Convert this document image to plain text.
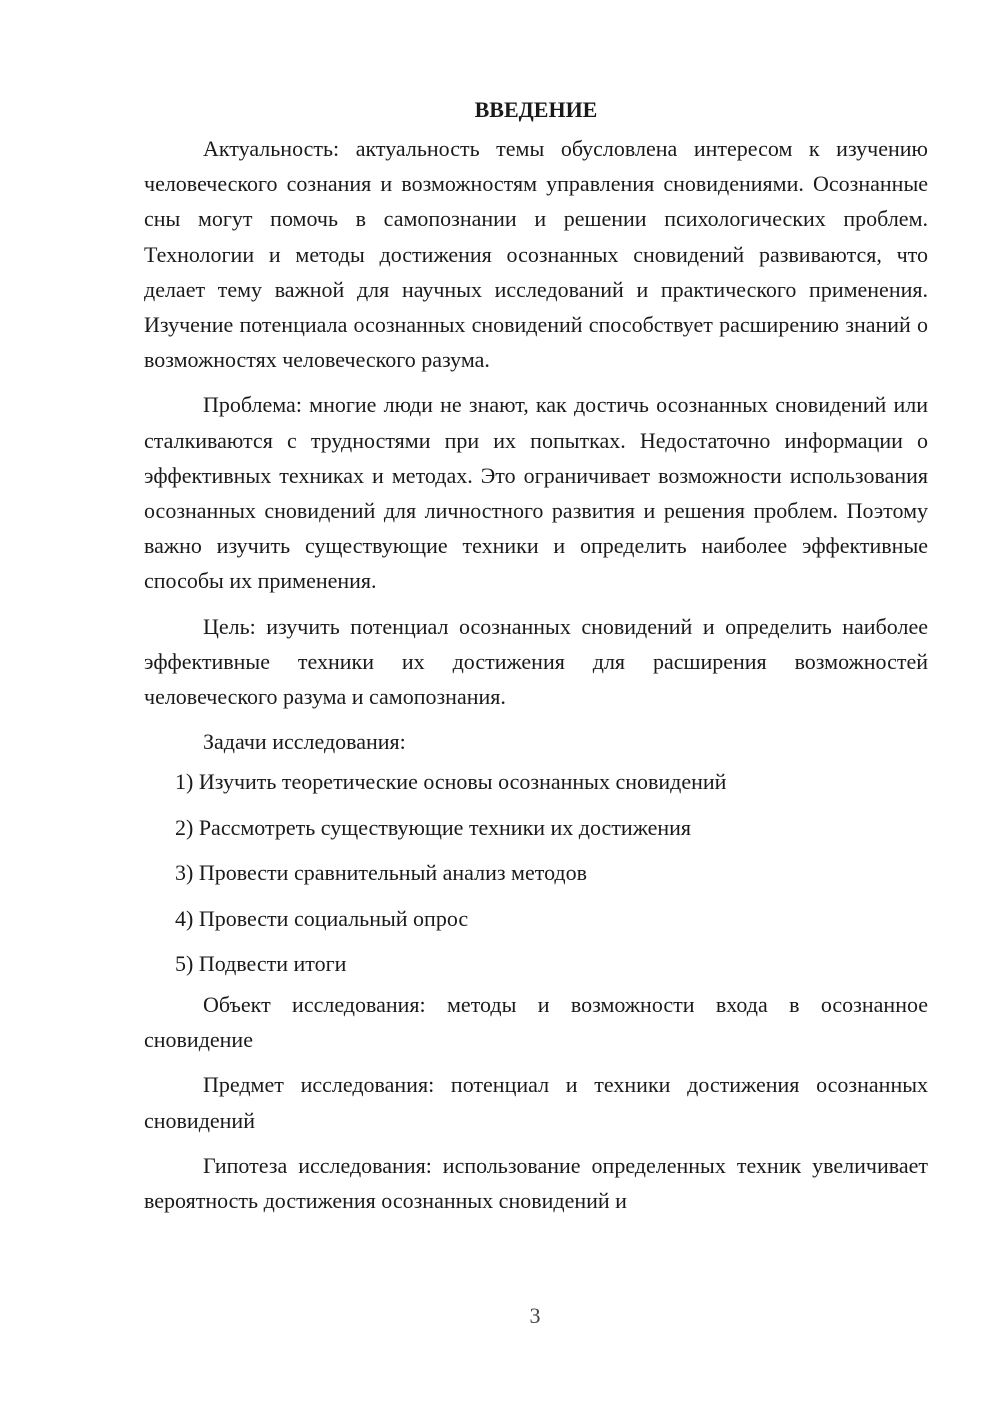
ВВЕДЕНИЕ

Актуальность: актуальность темы обусловлена интересом к изучению человеческого сознания и возможностям управления сновидениями. Осознанные сны могут помочь в самопознании и решении психологических проблем. Технологии и методы достижения осознанных сновидений развиваются, что делает тему важной для научных исследований и практического применения. Изучение потенциала осознанных сновидений способствует расширению знаний о возможностях человеческого разума.

Проблема: многие люди не знают, как достичь осознанных сновидений или сталкиваются с трудностями при их попытках. Недостаточно информации о эффективных техниках и методах. Это ограничивает возможности использования осознанных сновидений для личностного развития и решения проблем. Поэтому важно изучить существующие техники и определить наиболее эффективные способы их применения.

Цель: изучить потенциал осознанных сновидений и определить наиболее эффективные техники их достижения для расширения возможностей человеческого разума и самопознания.

Задачи исследования:

1) Изучить теоретические основы осознанных сновидений

2) Рассмотреть существующие техники их достижения

3) Провести сравнительный анализ методов

4) Провести социальный опрос

5) Подвести итоги

Объект исследования: методы и возможности входа в осознанное сновидение

Предмет исследования: потенциал и техники достижения осознанных сновидений

Гипотеза исследования: использование определенных техник увеличивает вероятность достижения осознанных сновидений и

3
